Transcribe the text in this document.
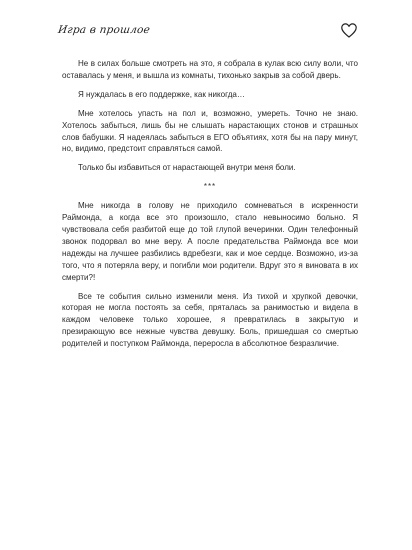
Игра в прошлое

Не в силах больше смотреть на это, я собрала в кулак всю силу воли, что оставалась у меня, и вышла из комнаты, тихонько закрыв за собой дверь.

Я нуждалась в его поддержке, как никогда…

Мне хотелось упасть на пол и, возможно, умереть. Точно не знаю. Хотелось забыться, лишь бы не слышать нарастающих стонов и страшных слов бабушки. Я надеялась забыться в ЕГО объятиях, хотя бы на пару минут, но, видимо, предстоит справляться самой.

Только бы избавиться от нарастающей внутри меня боли.

***

Мне никогда в голову не приходило сомневаться в искренности Раймонда, а когда все это произошло, стало невыносимо больно. Я чувствовала себя разбитой еще до той глупой вечеринки. Один телефонный звонок подорвал во мне веру. А после предательства Раймонда все мои надежды на лучшее разбились вдребезги, как и мое сердце. Возможно, из-за того, что я потеряла веру, и погибли мои родители. Вдруг это я виновата в их смерти?!

Все те события сильно изменили меня. Из тихой и хрупкой девочки, которая не могла постоять за себя, пряталась за ранимостью и видела в каждом человеке только хорошее, я превратилась в закрытую и презирающую все нежные чувства девушку. Боль, пришедшая со смертью родителей и поступком Раймонда, переросла в абсолютное безразличие.
